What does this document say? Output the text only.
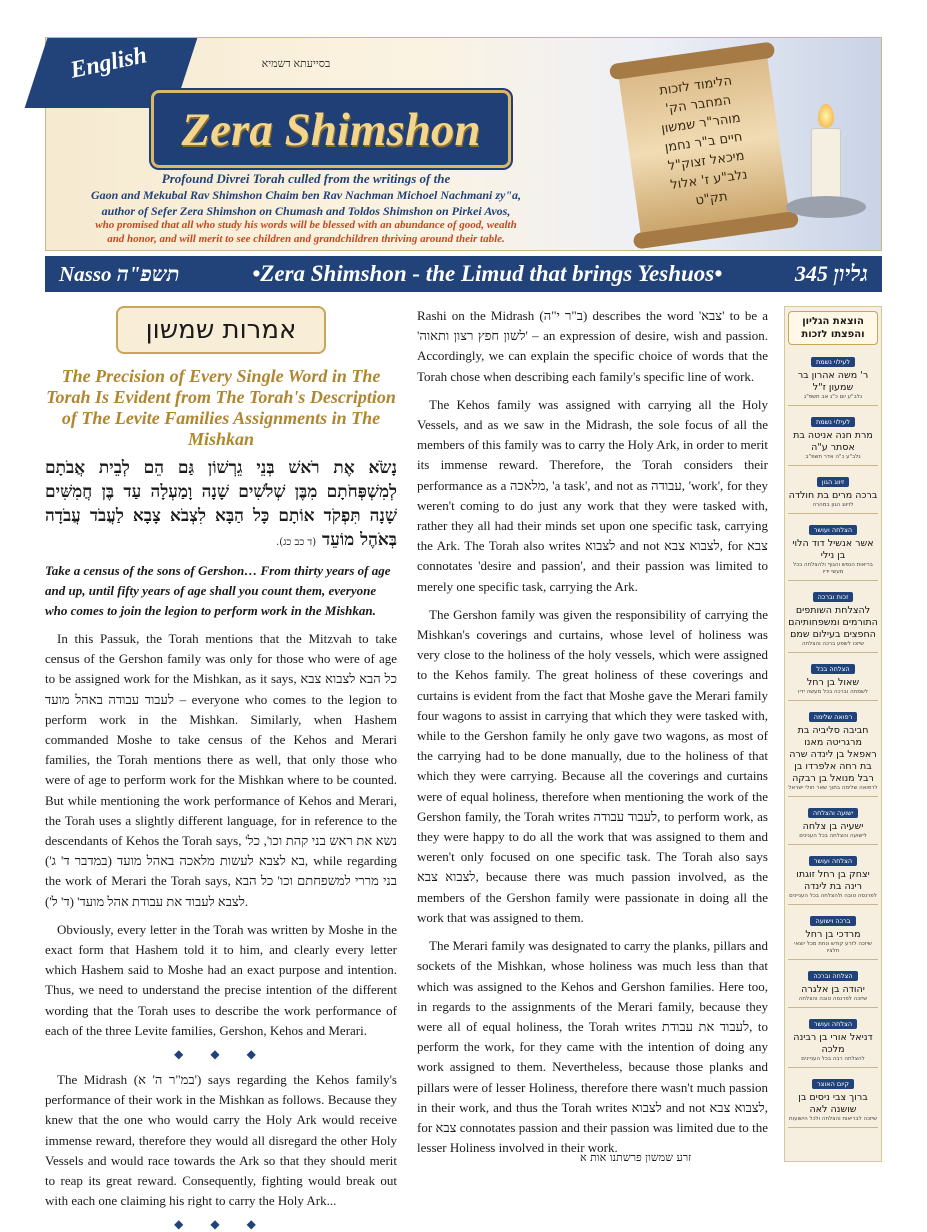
English	בסייעתא דשמיא
Zera Shimshon
Profound Divrei Torah culled from the writings of the
Gaon and Mekubal Rav Shimshon Chaim ben Rav Nachman Michoel Nachmani zy"a,
author of Sefer Zera Shimshon on Chumash and Toldos Shimshon on Pirkei Avos,
who promised that all who study his words will be blessed with an abundance of good, wealth
and honor, and will merit to see children and grandchildren thriving around their table.
הלימוד לזכות
המחבר הק'
מוהר"ר שמשון
חיים ב"ר נחמן
מיכאל זצוק"ל
נלב"ע ז' אלול
תק"ט
Nasso תשפ"ה	•Zera Shimshon - the Limud that brings Yeshuos•	גליון 345
אמרות שמשון
The Precision of Every Single Word in The Torah Is Evident from The Torah's Description of The Levite Families Assignments in The Mishkan
נָשֹׂא אֶת רֹאשׁ בְּנֵי גֵרְשׁוֹן גַּם הֵם לְבֵית אֲבֹתָם לְמִשְׁפְּחֹתָם מִבֶּן שְׁלֹשִׁים שָׁנָה וָמַעְלָה עַד בֶּן חֲמִשִּׁים שָׁנָה תִּפְקֹד אוֹתָם כָּל הַבָּא לִצְבֹא צָבָא לַעֲבֹד עֲבֹדָה בְּאֹהֶל מוֹעֵד (ד כב כג).
Take a census of the sons of Gershon… From thirty years of age and up, until fifty years of age shall you count them, everyone who comes to join the legion to perform work in the Mishkan.

In this Passuk, the Torah mentions that the Mitzvah to take census of the Gershon family was only for those who were of age to be assigned work for the Mishkan, as it says, כל הבא לצבוא צבא לעבוד עבודה באהל מועד – everyone who comes to the legion to perform work in the Mishkan. Similarly, when Hashem commanded Moshe to take census of the Kehos and Merari families, the Torah mentions there as well, that only those who were of age to perform work for the Mishkan where to be counted. But while mentioning the work performance of Kehos and Merari, the Torah uses a slightly different language, for in reference to the descendants of Kehos the Torah says, 'נשא את ראש בני קהת וכו', כל בא לצבא לעשות מלאכה באהל מועד (במדבר ד' ג'), while regarding the work of Merari the Torah says, בני מררי למשפחתם וכו' כל הבא לצבא לעבוד את עבודת אהל מועד' (ד' ל').

Obviously, every letter in the Torah was written by Moshe in the exact form that Hashem told it to him, and clearly every letter which Hashem said to Moshe had an exact purpose and intention. Thus, we need to understand the precise intention of the different wording that the Torah uses to describe the work performance of each of the three Levite families, Gershon, Kehos and Merari.

◆ ◆ ◆

The Midrash (במ"ר ה' א') says regarding the Kehos family's performance of their work in the Mishkan as follows. Because they knew that the one who would carry the Holy Ark would receive immense reward, therefore they would all disregard the other Holy Vessels and would race towards the Ark so that they should merit to reap its great reward. Consequently, fighting would break out with each one claiming his right to carry the Holy Ark...

◆ ◆ ◆

Rashi on the Midrash (ב"ר י"ה) describes the word 'צבא' to be a 'לשון חפץ רצון ותאוה' – an expression of desire, wish and passion. Accordingly, we can explain the specific choice of words that the Torah chose when describing each family's specific line of work.

The Kehos family was assigned with carrying all the Holy Vessels, and as we saw in the Midrash, the sole focus of all the members of this family was to carry the Holy Ark, in order to merit its immense reward. Therefore, the Torah considers their performance as a מלאכה, 'a task', and not as עבודה, 'work', for they weren't coming to do just any work that they were tasked with, rather they all had their minds set upon one specific task, carrying the Ark. The Torah also writes לצבוא and not לצבוא צבא, for צבא connotates 'desire and passion', and their passion was limited to merely one specific task, carrying the Ark.

The Gershon family was given the responsibility of carrying the Mishkan's coverings and curtains, whose level of holiness was very close to the holiness of the holy vessels, which were assigned to the Kehos family. The great holiness of these coverings and curtains is evident from the fact that Moshe gave the Merari family four wagons to assist in carrying that which they were tasked with, while to the Gershon family he only gave two wagons, as most of the carrying had to be done manually, due to the holiness of that which they were carrying. Because all the coverings and curtains were of equal holiness, therefore when mentioning the work of the Gershon family, the Torah writes לעבוד עבודה, to perform work, as they were happy to do all the work that was assigned to them and weren't only focused on one specific task. The Torah also says לצבוא צבא, because there was much passion involved, as the members of the Gershon family were passionate in doing all the work that was assigned to them.

The Merari family was designated to carry the planks, pillars and sockets of the Mishkan, whose holiness was much less than that which was assigned to the Kehos and Gershon families. Here too, in regards to the assignments of the Merari family, because they were all of equal holiness, the Torah writes לעבוד את עבודת, to perform the work, for they came with the intention of doing any work assigned to them. Nevertheless, because those planks and pillars were of lesser Holiness, therefore there wasn't much passion in their work, and thus the Torah writes לצבוא and not לצבוא צבא, for צבא connotates passion and their passion was limited due to the lesser Holiness involved in their work.

זרע שמשון פרשתנו אות א
הוצאת הגליון והפצתו לזכות
לעילוי נשמת
ר' משה אהרון בר שמעון ז"ל
נלב"ע יום כ"ג אב תשפ"ג
לעילוי נשמת
מרת חנה אניטה בת אסתר ע"ה
נלב"ע כ"ה אדר תשפ"ב
זיווג הגון
ברכה מרים בת חולדה
לזיווג הגון במהרה
הצלחה ועושר
אשר אנשיל דוד הלוי בן נילי
בריאות הנפש והגוף ולהצלחה בכל מעשי ידיו
זכות וברכה
להצלחת השותפים התורמים ומשפחותיהם החפצים בעילום שמם
שיזכו לשפע ברכה והצלחה
הצלחה בכל
שאול בן רחל
לשמחה וברכה בכל מעשה ידיו
רפואה שלימה
חביבה סליביה בת מרגריטה מאנו ראפאל בן לינדה שרה בת רחה אלפרדו בן רבל מנואל בן רבקה
לרפואה שלימה בתוך שאר חולי ישראל
ישועה והצלחה
ישעיה בן צלחה
לישועה והצלחה בכל הענינים
הצלחה ועושר
יצחק בן רחל זוגתו רינה בת לינדה
לפרנסה טובה ולהצלחה בכל העניינים
ברכה וישועה
מרדכי בן רחל
שיזכה לזרע קודש ונחת מכל יוצאי חלציו
הצלחה וברכה
יהודה בן אלגרה
שיזכה לפרנסה טובה והצלחה
הצלחה ועושר
דניאל אורי בן רבינה מלכה
להצלחה רבה בכל העניינים
קיום האוצר
ברוך צבי ניסים בן שושנה לאה
שיזכה לבריאות והצלחה ולכל הישועות
